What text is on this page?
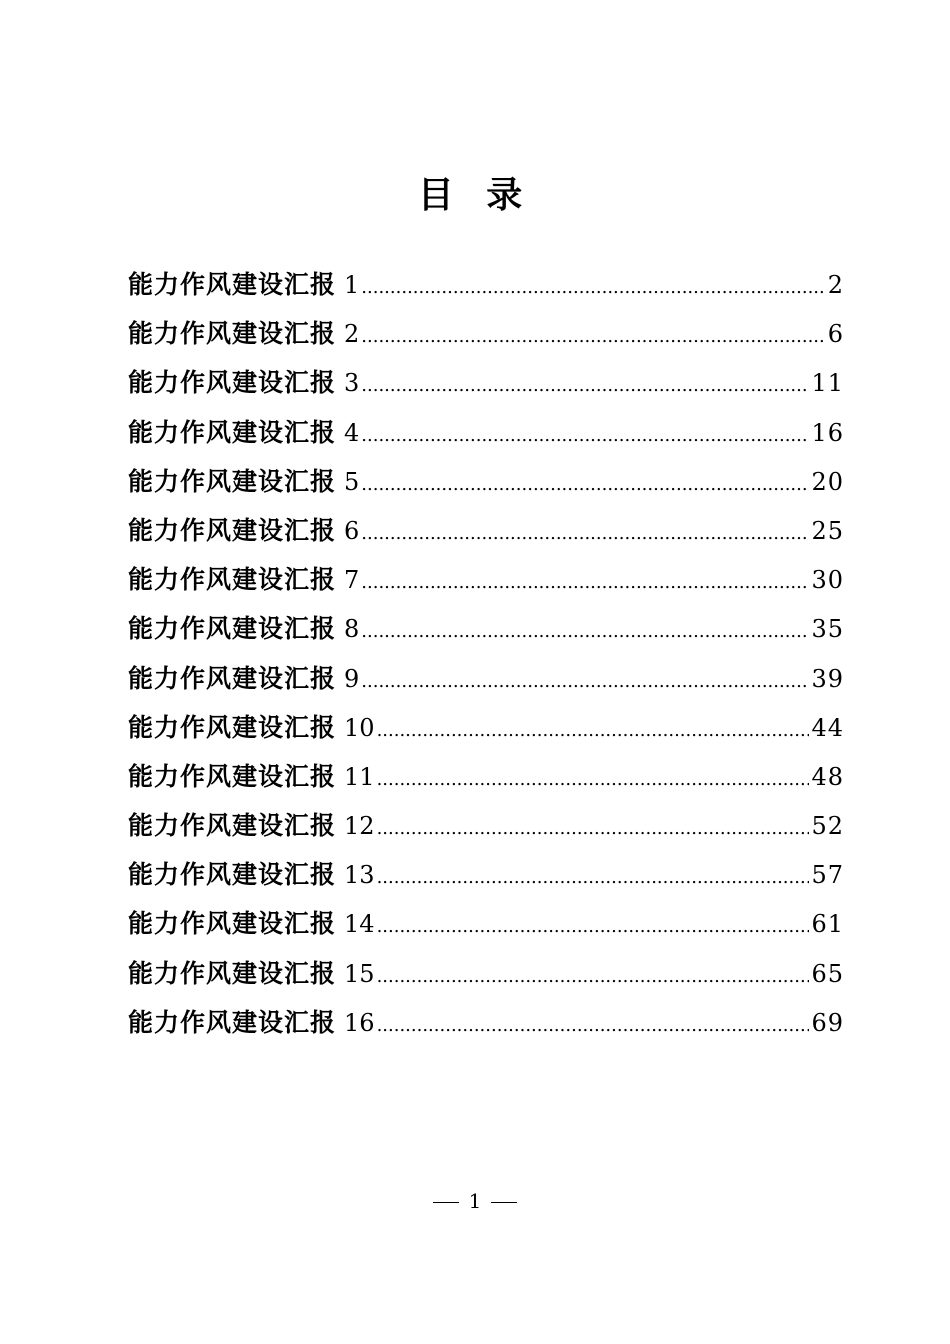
目 录
能力作风建设汇报 1 .....	2
能力作风建设汇报 2 .....	6
能力作风建设汇报 3 .....	11
能力作风建设汇报 4 .....	16
能力作风建设汇报 5 .....	20
能力作风建设汇报 6 .....	25
能力作风建设汇报 7 .....	30
能力作风建设汇报 8 .....	35
能力作风建设汇报 9 .....	39
能力作风建设汇报 10 .....	44
能力作风建设汇报 11 .....	48
能力作风建设汇报 12 .....	52
能力作风建设汇报 13 .....	57
能力作风建设汇报 14 .....	61
能力作风建设汇报 15 .....	65
能力作风建设汇报 16 .....	69
1
